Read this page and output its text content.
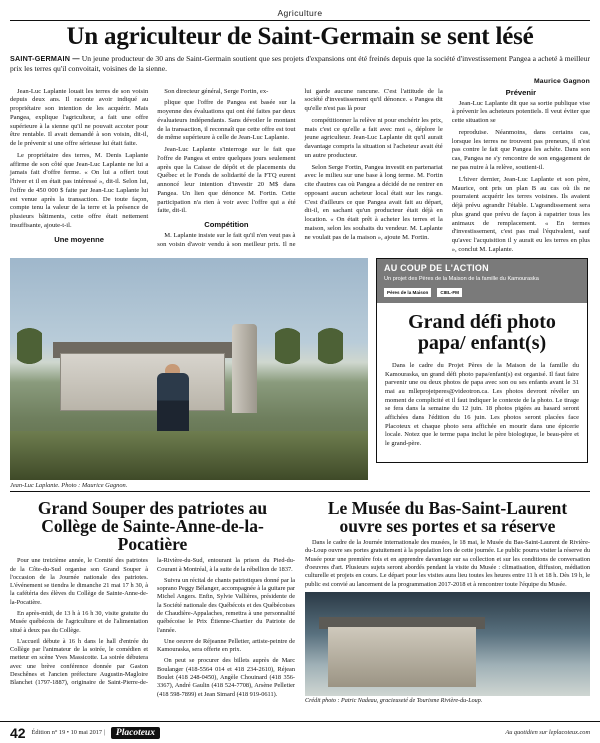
Agriculture
Un agriculteur de Saint-Germain se sent lésé
SAINT-GERMAIN — Un jeune producteur de 30 ans de Saint-Germain soutient que ses projets d'expansions ont été freinés depuis que la société d'investissement Pangea a acheté à meilleur prix les terres qu'il convoitait, voisines de la sienne.
Maurice Gagnon

Jean-Luc Laplante louait les terres de son voisin depuis deux ans. Il raconte avoir indiqué au propriétaire son intention de les acquérir. Mais Pangea, explique l'agriculteur, a fait une offre supérieure à la sienne qu'il ne pouvait accoter pour être rentable. Il avait demandé à son voisin, dit-il, de le prévenir si une offre sérieuse lui était faite.

Le propriétaire des terres, M. Denis Laplante affirme de son côté que Jean-Luc Laplante ne lui a jamais fait d'offre ferme. « On lui a offert tout l'hiver et il en était pas intéressé », dit-il. Selon lui, l'offre de 450 000 $ faite par Jean-Luc Laplante lui est venue après la transaction. De toute façon, compte tenu la valeur de la terre et la présence de plusieurs bâtiments, cette offre était nettement insuffisante, ajoute-t-il.

Une moyenne

Son directeur général, Serge Fortin, ex-

plique que l'offre de Pangea est basée sur la moyenne des évaluations qui ont été faites par deux évaluateurs indépendants. Sans dévoiler le montant de la transaction, il reconnaît que cette offre est tout de même supérieure à celle de Jean-Luc Laplante.

Jean-Luc Laplante s'interroge sur le fait que l'offre de Pangea et entre quelques jours seulement après que la Caisse de dépôt et de placements du Québec et le Fonds de solidarité de la FTQ eurent annoncé leur intention d'investir 20 M$ dans Pangea. Un lien que dénonce M. Fortin. Cette participation n'a rien à voir avec l'offre qui a été faite, dit-il.

Compétition

M. Laplante insiste sur le fait qu'il n'en veut pas à son voisin d'avoir vendu à son meilleur prix. Il ne lui garde aucune rancune. C'est l'attitude de la société d'investissement qu'il dénonce. « Pangea dit qu'elle n'est pas là pour

compétitionner la relève ni pour enchérir les prix, mais c'est ce qu'elle a fait avec moi », déplore le jeune agriculteur. Jean-Luc Laplante dit qu'il aurait davantage compris la situation si l'acheteur avait été un autre producteur.

Selon Serge Fortin, Pangea investit en partenariat avec le milieu sur une base à long terme. M. Fortin cite d'autres cas où Pangea a décidé de ne rentrer en opposant aucun acheteur local était sur les rangs. C'est d'ailleurs ce que Pangea avait fait au départ, dit-il, en sachant qu'un producteur était déjà en location. « On était prêt à acheter les terres et la maison, selon les souhaits du vendeur. M. Laplante ne voulait pas de la maison », ajoute M. Fortin.

Prévenir

Jean-Luc Laplante dit que sa sortie publique vise à prévenir les acheteurs potentiels. Il veut éviter que cette situation se

reproduise. Néanmoins, dans certains cas, lorsque les terres ne trouvent pas preneurs, il n'est pas contre le fait que Pangea les achète. Dans son cas, Pangea ne s'y rencontre de son engagement de ne pas nuire à la relève, soutient-il.

L'hiver dernier, Jean-Luc Laplante et son père, Maurice, ont pris un plan B au cas où ils ne pourraient acquérir les terres voisines. Ils avaient déjà prévu agrandir l'étable. L'agrandissement sera plus grand que prévu de façon à rapatrier tous les animaux de remplacement. « En termes d'investissement, c'est pas mal l'équivalent, sauf qu'avec l'acquisition il y aurait eu les terres en plus », conclut M. Laplante.

Jean-Luc Laplante. Photo : Maurice Gagnon.
AU COUP DE L'ACTION
Un projet des Pères de la Maison de la famille du Kamouraska
Pères de la Maison	CIEL-FM
Grand défi photo papa/ enfant(s)

Dans le cadre du Projet Pères de la Maison de la famille du Kamouraska, un grand défi photo papa/enfant(s) est organisé. Il faut faire parvenir une ou deux photos de papa avec son ou ses enfants avant le 31 mai au mlleprojetperes@videotron.ca. Les photos devront révéler un moment de complicité et il faut indiquer le contexte de la photo. Le tirage se fera dans la semaine du 12 juin. 18 photos pigées au hasard seront affichées dans l'édition du 16 juin. Les photos seront placées face Placoteux et chaque photo sera affichée en mourir dans une épicerie locale. Notez que le terme papa inclut le père biologique, le beau-père et le grand-père.

Grand Souper des patriotes au Collège de Sainte-Anne-de-la-Pocatière

Pour une treizième année, le Comité des patriotes de la Côte-du-Sud organise son Grand Souper à l'occasion de la Journée nationale des patriotes. L'événement se tiendra le dimanche 21 mai 17 h 30, à la cafétéria des élèves du Collège de Sainte-Anne-de-la-Pocatière.

En après-midi, de 13 h à 16 h 30, visite gratuite du Musée québécois de l'agriculture et de l'alimentation situé à deux pas du Collège.

L'accueil débute à 16 h dans le hall d'entrée du Collège par l'animateur de la soirée, le comédien et metteur en scène Yves Massicotte. La soirée débutera avec une brève conférence donnée par Gaston Deschênes et l'ancien préfecture Augustin-Magloire Blanchet (1797-1887), originaire de Saint-Pierre-de-la-Rivière-du-Sud, entourant la prison du Pied-du-Courant à Montréal, à la suite de la rébellion de 1837.

Suivra un récital de chants patriotiques donné par la soprano Peggy Bélanger, accompagnée à la guitare par Michel Angers. Enfin, Sylvie Vallières, présidente de la Société nationale des Québécois et des Québécoises de Chaudière-Appalaches, remettra à une personnalité québécoise le Prix Étienne-Chartier du Patriote de l'année.

Une oeuvre de Réjeanne Pelletier, artiste-peintre de Kamouraska, sera offerte en prix.

On peut se procurer des billets auprès de Marc Boulanger (418-5564 014 et 418 234-2610), Réjean Boulet (418 248-0450), Angèle Chouinard (418 356-3367), André Gaulin (418 524-7708), Arsène Pelletier (418 598-7899) et Jean Simard (418 919-0611).

Le Musée du Bas-Saint-Laurent ouvre ses portes et sa réserve

Dans le cadre de la Journée internationale des musées, le 18 mai, le Musée du Bas-Saint-Laurent de Rivière-du-Loup ouvre ses portes gratuitement à la population lors de cette journée. Le public pourra visiter la réserve du Musée pour une première fois et en apprendre davantage sur sa collection et sur les conditions de conversation d'oeuvres d'art. Plusieurs sujets seront abordés pendant la visite du Musée : climatisation, diffusion, médiation culturelle et projets en cours. Le départ pour les visites aura lieu toutes les heures entre 11 h et 18 h. Dès 19 h, le public est convié au lancement de la programmation 2017-2018 et à rencontrer toute l'équipe du Musée.

Crédit photo : Patric Nadeau, gracieuseté de Tourisme Rivière-du-Loup.
42 Édition n° 19 • 10 mai 2017 |	Placoteux	Au quotidien sur leplacoteux.com
